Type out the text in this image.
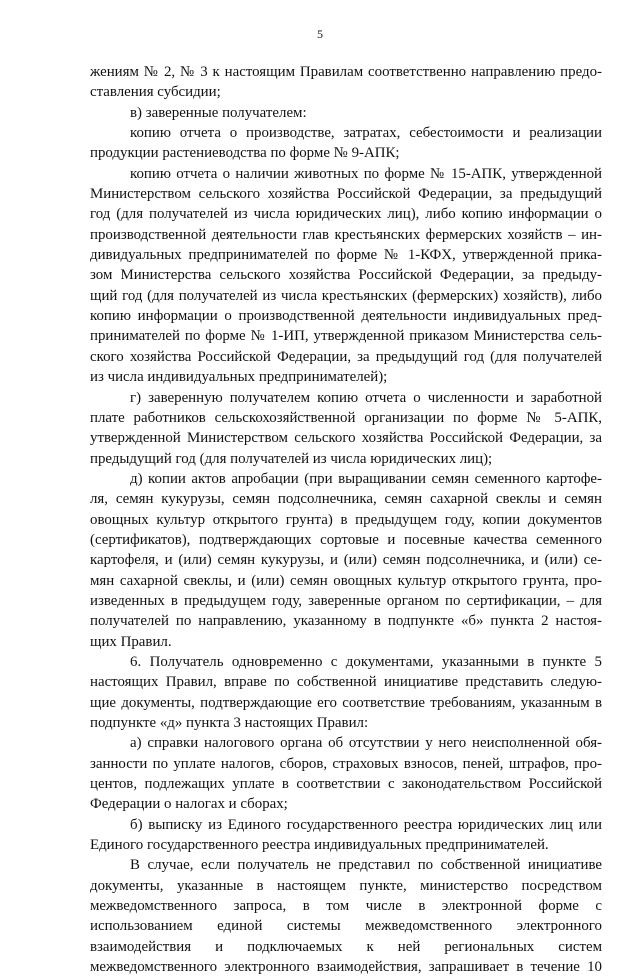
5
жениям № 2, № 3 к настоящим Правилам соответственно направлению предо-
ставления субсидии;
в) заверенные получателем:
копию отчета о производстве, затратах, себестоимости и реализации
продукции растениеводства по форме № 9-АПК;
копию отчета о наличии животных по форме № 15-АПК, утвержденной
Министерством сельского хозяйства Российской Федерации, за предыдущий
год (для получателей из числа юридических лиц), либо копию информации о
производственной деятельности глав крестьянских фермерских хозяйств – ин-
дивидуальных предпринимателей по форме № 1-КФХ, утвержденной прика-
зом Министерства сельского хозяйства Российской Федерации, за предыду-
щий год (для получателей из числа крестьянских (фермерских) хозяйств), либо
копию информации о производственной деятельности индивидуальных пред-
принимателей по форме № 1-ИП, утвержденной приказом Министерства сель-
ского хозяйства Российской Федерации, за предыдущий год (для получателей
из числа индивидуальных предпринимателей);
г) заверенную получателем копию отчета о численности и заработной
плате работников сельскохозяйственной организации по форме № 5-АПК,
утвержденной Министерством сельского хозяйства Российской Федерации, за
предыдущий год (для получателей из числа юридических лиц);
д) копии актов апробации (при выращивании семян семенного картофе-
ля, семян кукурузы, семян подсолнечника, семян сахарной свеклы и семян
овощных культур открытого грунта) в предыдущем году, копии документов
(сертификатов), подтверждающих сортовые и посевные качества семенного
картофеля, и (или) семян кукурузы, и (или) семян подсолнечника, и (или) се-
мян сахарной свеклы, и (или) семян овощных культур открытого грунта, про-
изведенных в предыдущем году, заверенные органом по сертификации, – для
получателей по направлению, указанному в подпункте «б» пункта 2 настоя-
щих Правил.
6. Получатель одновременно с документами, указанными в пункте 5
настоящих Правил, вправе по собственной инициативе представить следую-
щие документы, подтверждающие его соответствие требованиям, указанным в
подпункте «д» пункта 3 настоящих Правил:
а) справки налогового органа об отсутствии у него неисполненной обя-
занности по уплате налогов, сборов, страховых взносов, пеней, штрафов, про-
центов, подлежащих уплате в соответствии с законодательством Российской
Федерации о налогах и сборах;
б) выписку из Единого государственного реестра юридических лиц или
Единого государственного реестра индивидуальных предпринимателей.
В случае, если получатель не представил по собственной инициативе
документы, указанные в настоящем пункте, министерство посредством
межведомственного запроса, в том числе в электронной форме с
использованием единой системы межведомственного электронного
взаимодействия и подключаемых к ней региональных систем
межведомственного электронного взаимодействия, запрашивает в течение 10
